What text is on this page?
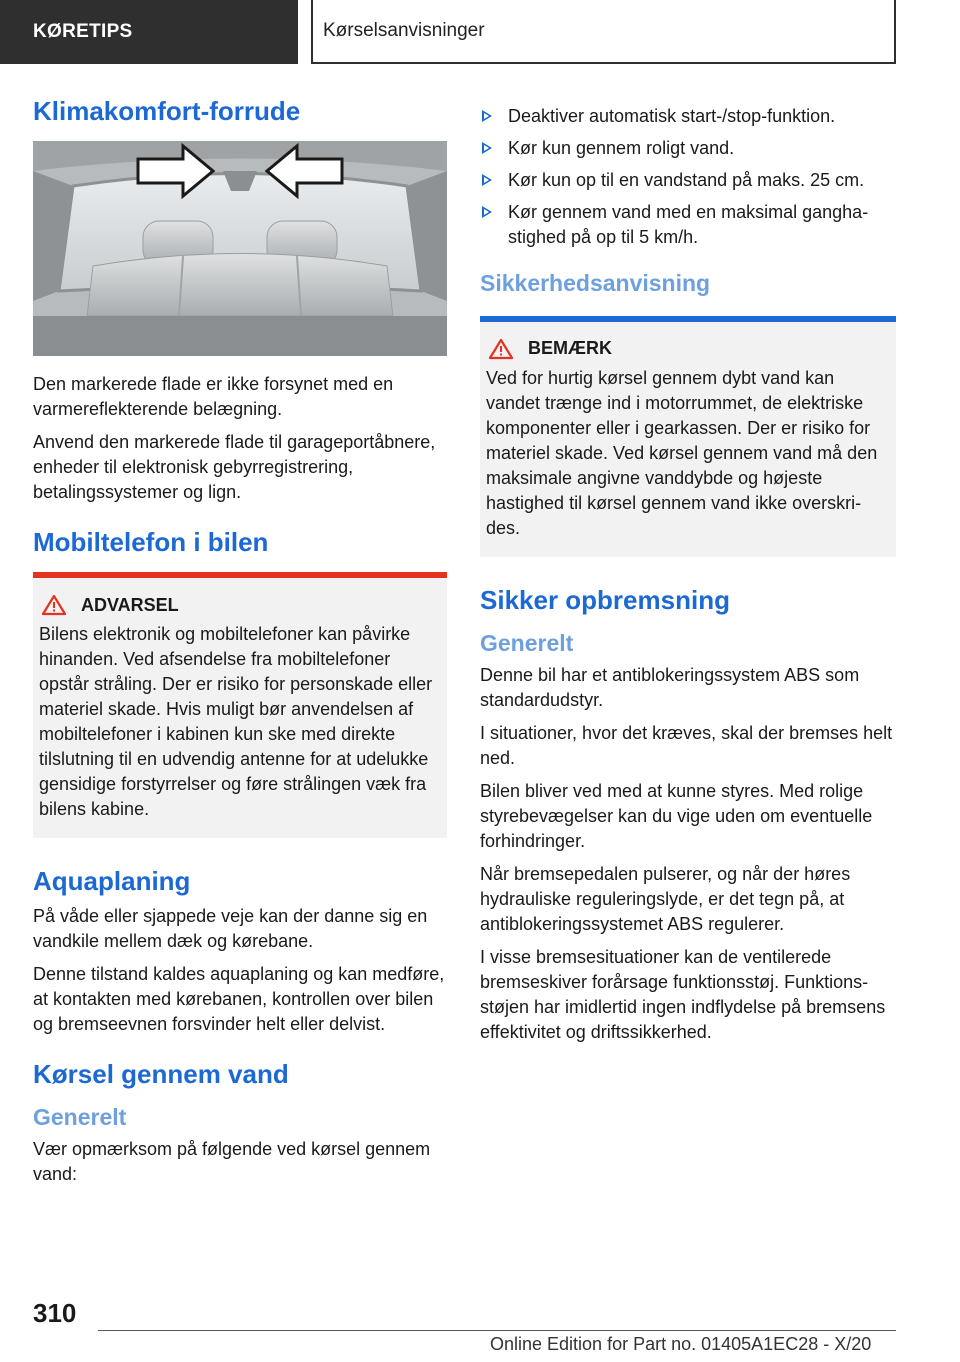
KØRETIPS	Kørselsanvisninger
Klimakomfort-forrude

Den markerede flade er ikke forsynet med en varmereflekterende belægning.

Anvend den markerede flade til garageportåbnere, enheder til elektronisk gebyrregistrering, betalingssystemer og lign.

Mobiltelefon i bilen
ADVARSEL

Bilens elektronik og mobiltelefoner kan påvirke hinanden. Ved afsendelse fra mobiltelefoner opstår stråling. Der er risiko for personskade eller materiel skade. Hvis muligt bør anvendelsen af mobiltelefoner i kabinen kun ske med direkte tilslutning til en udvendig antenne for at udelukke gensidige forstyrrelser og føre strålingen væk fra bilens kabine.

Aquaplaning

På våde eller sjappede veje kan der danne sig en vandkile mellem dæk og kørebane.

Denne tilstand kaldes aquaplaning og kan medføre, at kontakten med kørebanen, kontrollen over bilen og bremseevnen forsvinder helt eller delvist.

Kørsel gennem vand
Generelt

Vær opmærksom på følgende ved kørsel gennem vand:

Deaktiver automatisk start-/stop-funktion.
Kør kun gennem roligt vand.
Kør kun op til en vandstand på maks. 25 cm.
Kør gennem vand med en maksimal ganghastighed på op til 5 km/h.
Sikkerhedsanvisning
BEMÆRK

Ved for hurtig kørsel gennem dybt vand kan vandet trænge ind i motorrummet, de elektriske komponenter eller i gearkassen. Der er risiko for materiel skade. Ved kørsel gennem vand må den maksimale angivne vanddybde og højeste hastighed til kørsel gennem vand ikke overskrides.

Sikker opbremsning
Generelt

Denne bil har et antiblokeringssystem ABS som standardudstyr.

I situationer, hvor det kræves, skal der bremses helt ned.

Bilen bliver ved med at kunne styres. Med rolige styrebevægelser kan du vige uden om eventuelle forhindringer.

Når bremsepedalen pulserer, og når der høres hydrauliske reguleringslyde, er det tegn på, at antiblokeringssystemet ABS regulerer.

I visse bremsesituationer kan de ventilerede bremseskiver forårsage funktionsstøj. Funktionsstøjen har imidlertid ingen indflydelse på bremsens effektivitet og driftssikkerhed.

310
Online Edition for Part no. 01405A1EC28 - X/20
